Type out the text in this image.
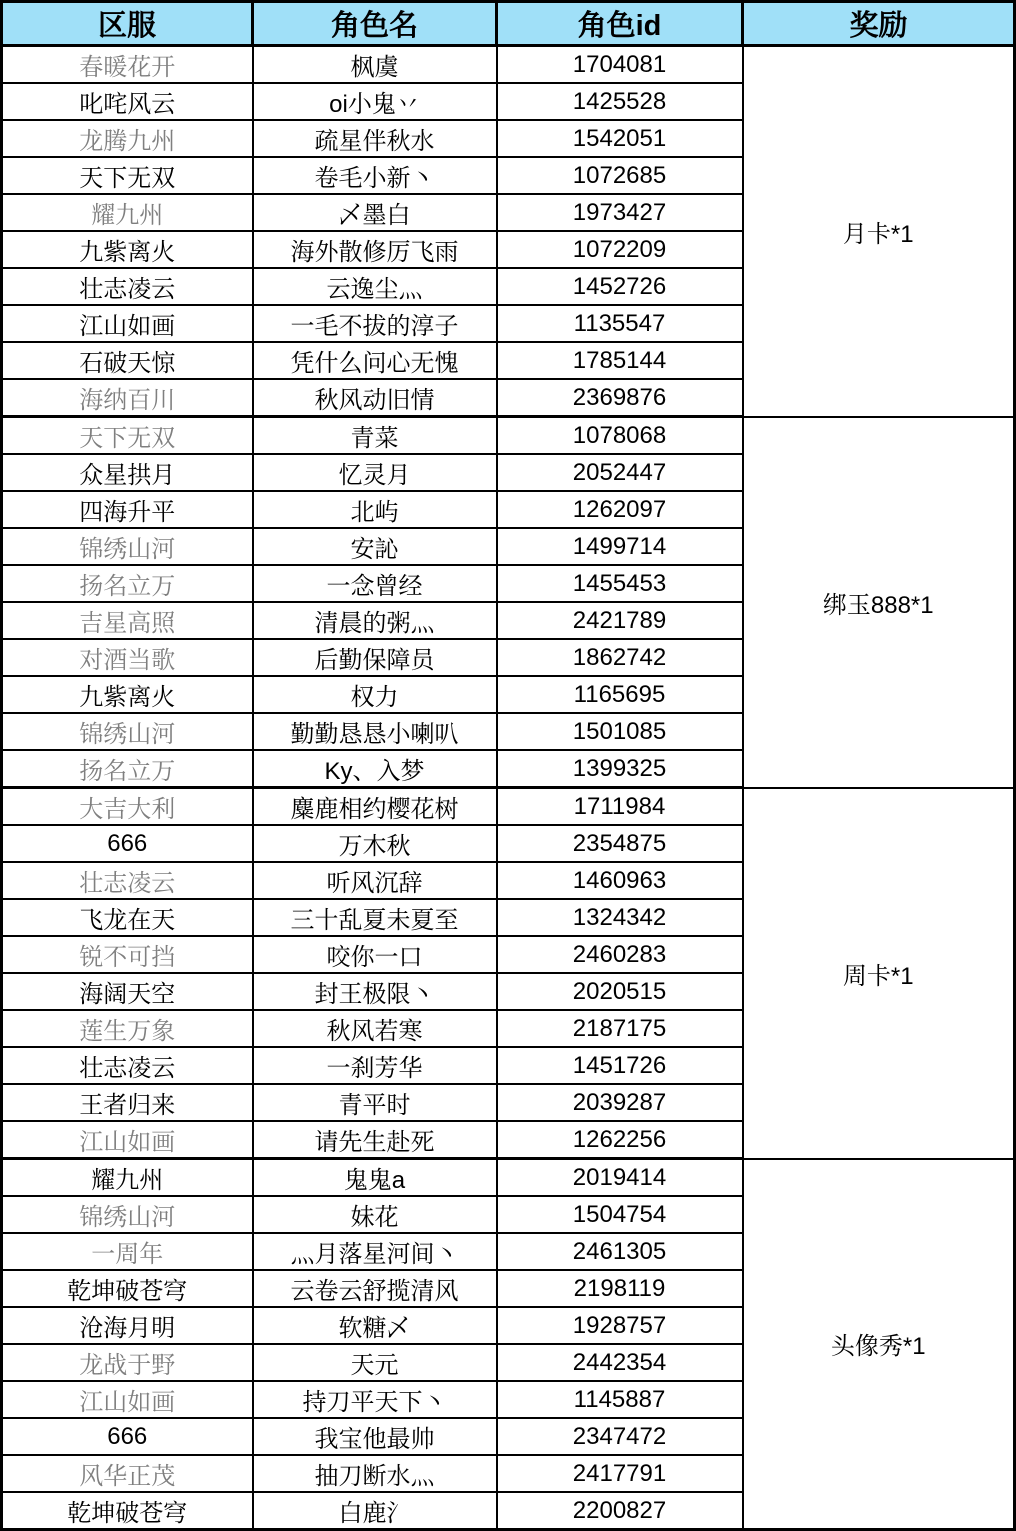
区服	角色名	角色id	奖励
春暖花开	枫虞	1704081	月卡*1
叱咤风云	oi小鬼丷	1425528	
龙腾九州	疏星伴秋水	1542051	
天下无双	卷毛小新丶	1072685	
耀九州	乄墨白	1973427	
九紫离火	海外散修厉飞雨	1072209	
壮志凌云	云逸尘灬	1452726	
江山如画	一毛不拔的淳子	1135547	
石破天惊	凭什么问心无愧	1785144	
海纳百川	秋风动旧情	2369876	
天下无双	青菜	1078068	绑玉888*1
众星拱月	忆灵月	2052447	
四海升平	北屿	1262097	
锦绣山河	安訫	1499714	
扬名立万	一念曾经	1455453	
吉星高照	清晨的粥灬	2421789	
对酒当歌	后勤保障员	1862742	
九紫离火	权力	1165695	
锦绣山河	勤勤恳恳小喇叭	1501085	
扬名立万	Ky、入梦	1399325	
大吉大利	麋鹿相约樱花树	1711984	周卡*1
666	万木秋	2354875	
壮志凌云	听风沉辞	1460963	
飞龙在天	三十乱夏未夏至	1324342	
锐不可挡	咬你一口	2460283	
海阔天空	封王极限丶	2020515	
莲生万象	秋风若寒	2187175	
壮志凌云	一刹芳华	1451726	
王者归来	青平时	2039287	
江山如画	请先生赴死	1262256	
耀九州	鬼鬼a	2019414	头像秀*1
锦绣山河	妹花	1504754	
一周年	灬月落星河间丶	2461305	
乾坤破苍穹	云卷云舒揽清风	2198119	
沧海月明	软糖乄	1928757	
龙战于野	天元	2442354	
江山如画	持刀平天下丶	1145887	
666	我宝他最帅	2347472	
风华正茂	抽刀断水灬	2417791	
乾坤破苍穹	白鹿氵	2200827	
